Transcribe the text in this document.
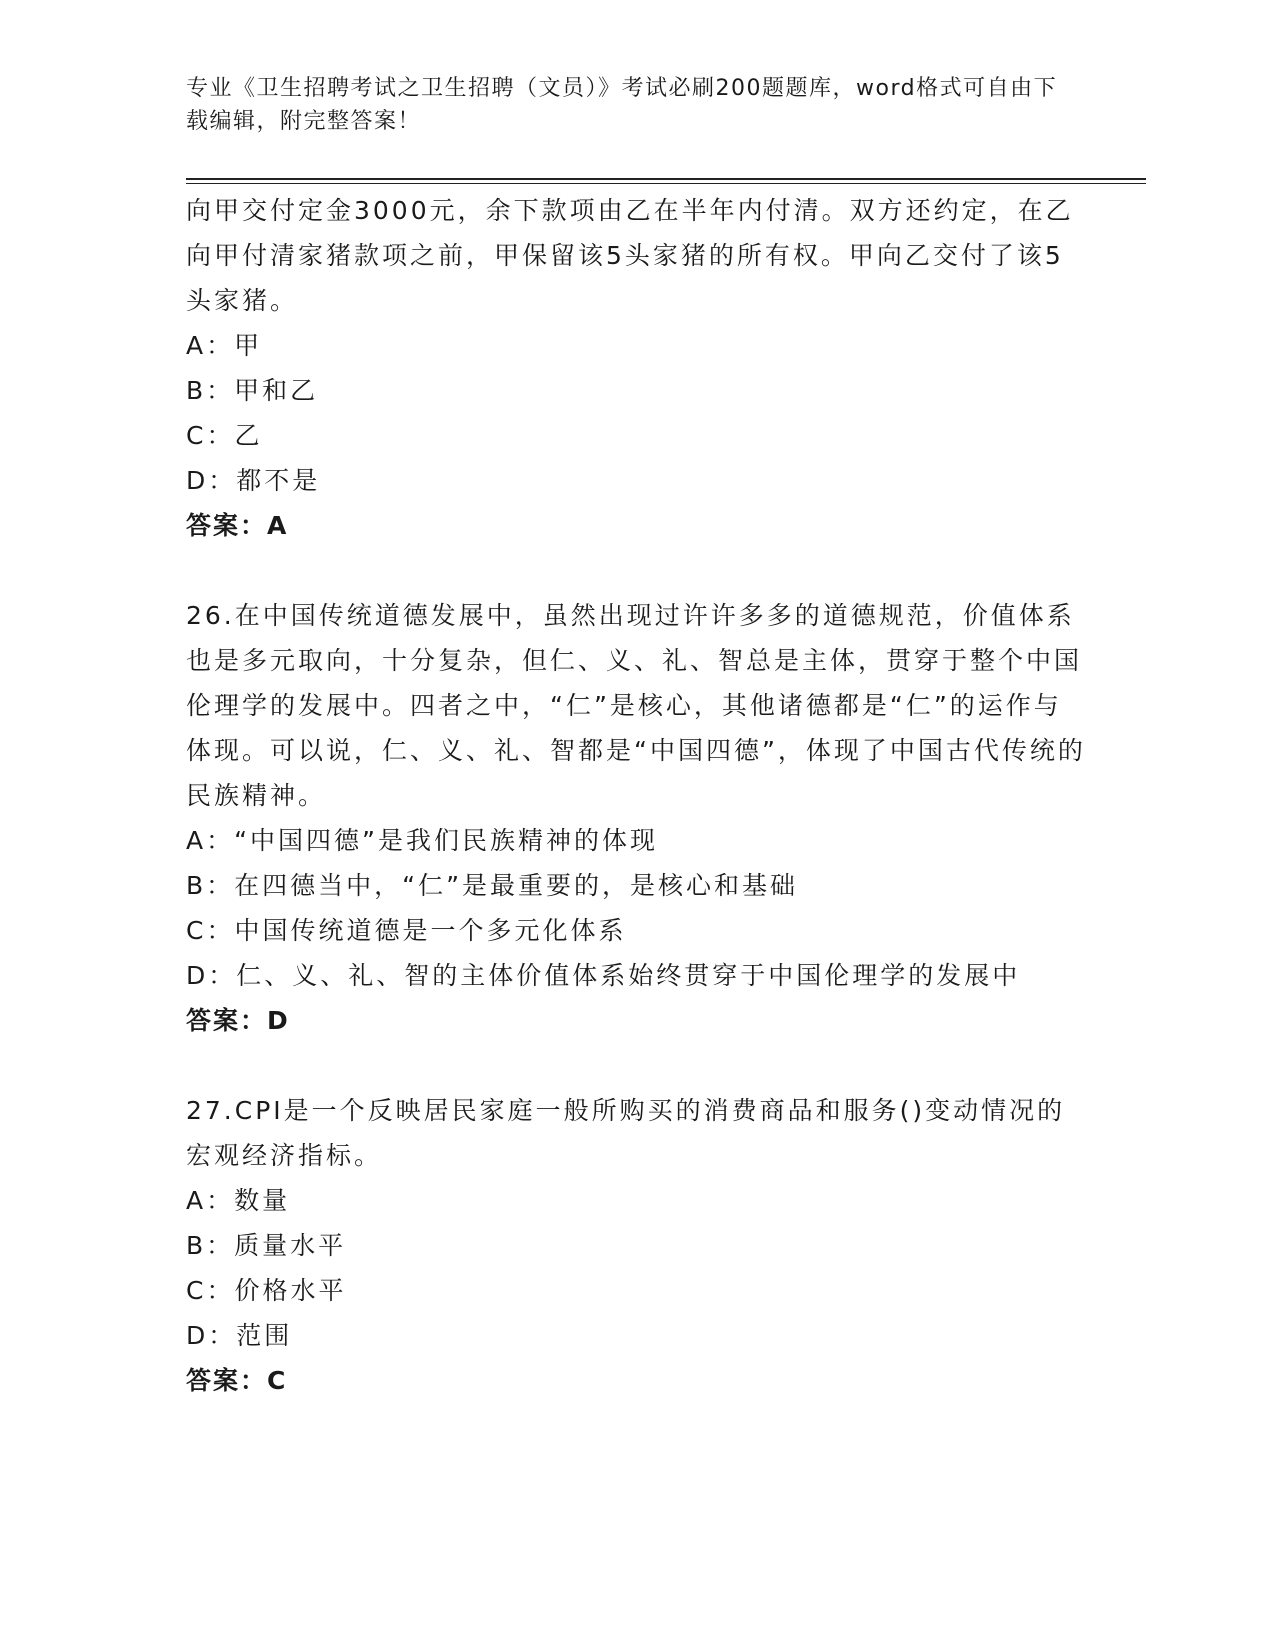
专业《卫生招聘考试之卫生招聘（文员）》考试必刷200题题库，word格式可自由下载编辑，附完整答案！

向甲交付定金3000元，余下款项由乙在半年内付清。双方还约定，在乙向甲付清家猪款项之前，甲保留该5头家猪的所有权。甲向乙交付了该5头家猪。

A：甲

B：甲和乙

C：乙

D：都不是

答案：A

26.在中国传统道德发展中，虽然出现过许许多多的道德规范，价值体系也是多元取向，十分复杂，但仁、义、礼、智总是主体，贯穿于整个中国伦理学的发展中。四者之中，“仁”是核心，其他诸德都是“仁”的运作与体现。可以说，仁、义、礼、智都是“中国四德”，体现了中国古代传统的民族精神。

A：“中国四德”是我们民族精神的体现

B：在四德当中，“仁”是最重要的，是核心和基础

C：中国传统道德是一个多元化体系

D：仁、义、礼、智的主体价值体系始终贯穿于中国伦理学的发展中

答案：D

27.CPI是一个反映居民家庭一般所购买的消费商品和服务()变动情况的宏观经济指标。

A：数量

B：质量水平

C：价格水平

D：范围

答案：C
